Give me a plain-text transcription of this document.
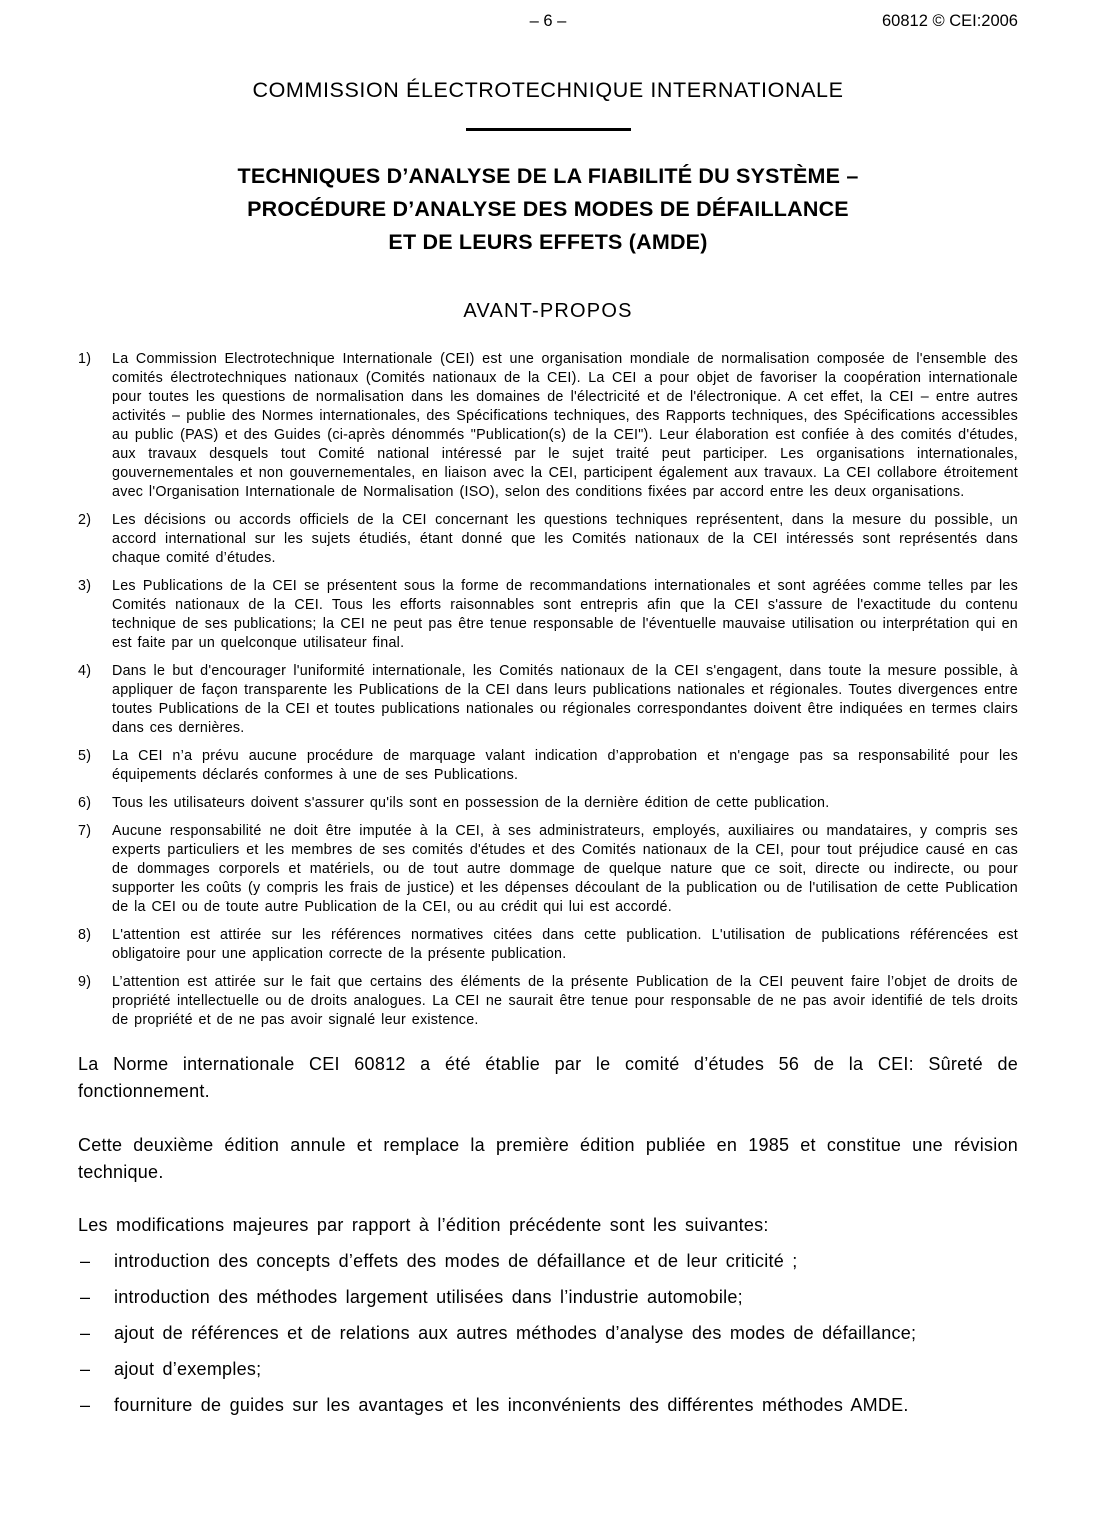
– 6 –	60812 © CEI:2006
COMMISSION ÉLECTROTECHNIQUE INTERNATIONALE
TECHNIQUES D’ANALYSE DE LA FIABILITÉ DU SYSTÈME –
PROCÉDURE D’ANALYSE DES MODES DE DÉFAILLANCE
ET DE LEURS EFFETS (AMDE)
AVANT-PROPOS
1)	La Commission Electrotechnique Internationale (CEI) est une organisation mondiale de normalisation composée de l'ensemble des comités électrotechniques nationaux (Comités nationaux de la CEI). La CEI a pour objet de favoriser la coopération internationale pour toutes les questions de normalisation dans les domaines de l'électricité et de l'électronique. A cet effet, la CEI – entre autres activités – publie des Normes internationales, des Spécifications techniques, des Rapports techniques, des Spécifications accessibles au public (PAS) et des Guides (ci-après dénommés "Publication(s) de la CEI"). Leur élaboration est confiée à des comités d'études, aux travaux desquels tout Comité national intéressé par le sujet traité peut participer. Les organisations internationales, gouvernementales et non gouvernementales, en liaison avec la CEI, participent également aux travaux. La CEI collabore étroitement avec l'Organisation Internationale de Normalisation (ISO), selon des conditions fixées par accord entre les deux organisations.
2)	Les décisions ou accords officiels de la CEI concernant les questions techniques représentent, dans la mesure du possible, un accord international sur les sujets étudiés, étant donné que les Comités nationaux de la CEI intéressés sont représentés dans chaque comité d’études.
3)	Les Publications de la CEI se présentent sous la forme de recommandations internationales et sont agréées comme telles par les Comités nationaux de la CEI. Tous les efforts raisonnables sont entrepris afin que la CEI s'assure de l'exactitude du contenu technique de ses publications; la CEI ne peut pas être tenue responsable de l'éventuelle mauvaise utilisation ou interprétation qui en est faite par un quelconque utilisateur final.
4)	Dans le but d'encourager l'uniformité internationale, les Comités nationaux de la CEI s'engagent, dans toute la mesure possible, à appliquer de façon transparente les Publications de la CEI dans leurs publications nationales et régionales. Toutes divergences entre toutes Publications de la CEI et toutes publications nationales ou régionales correspondantes doivent être indiquées en termes clairs dans ces dernières.
5)	La CEI n’a prévu aucune procédure de marquage valant indication d’approbation et n'engage pas sa responsabilité pour les équipements déclarés conformes à une de ses Publications.
6)	Tous les utilisateurs doivent s'assurer qu'ils sont en possession de la dernière édition de cette publication.
7)	Aucune responsabilité ne doit être imputée à la CEI, à ses administrateurs, employés, auxiliaires ou mandataires, y compris ses experts particuliers et les membres de ses comités d'études et des Comités nationaux de la CEI, pour tout préjudice causé en cas de dommages corporels et matériels, ou de tout autre dommage de quelque nature que ce soit, directe ou indirecte, ou pour supporter les coûts (y compris les frais de justice) et les dépenses découlant de la publication ou de l'utilisation de cette Publication de la CEI ou de toute autre Publication de la CEI, ou au crédit qui lui est accordé.
8)	L'attention est attirée sur les références normatives citées dans cette publication. L'utilisation de publications référencées est obligatoire pour une application correcte de la présente publication.
9)	L’attention est attirée sur le fait que certains des éléments de la présente Publication de la CEI peuvent faire l’objet de droits de propriété intellectuelle ou de droits analogues. La CEI ne saurait être tenue pour responsable de ne pas avoir identifié de tels droits de propriété et de ne pas avoir signalé leur existence.
La Norme internationale CEI 60812 a été établie par le comité d’études 56 de la CEI: Sûreté de fonctionnement.
Cette deuxième édition annule et remplace la première édition publiée en 1985 et constitue une révision technique.
Les modifications majeures par rapport à l’édition précédente sont les suivantes:
–	introduction des concepts d’effets des modes de défaillance et de leur criticité ;
–	introduction des méthodes largement utilisées dans l’industrie automobile;
–	ajout de références et de relations aux autres méthodes d’analyse des modes de défaillance;
–	ajout d’exemples;
–	fourniture de guides sur les avantages et les inconvénients des différentes méthodes AMDE.
